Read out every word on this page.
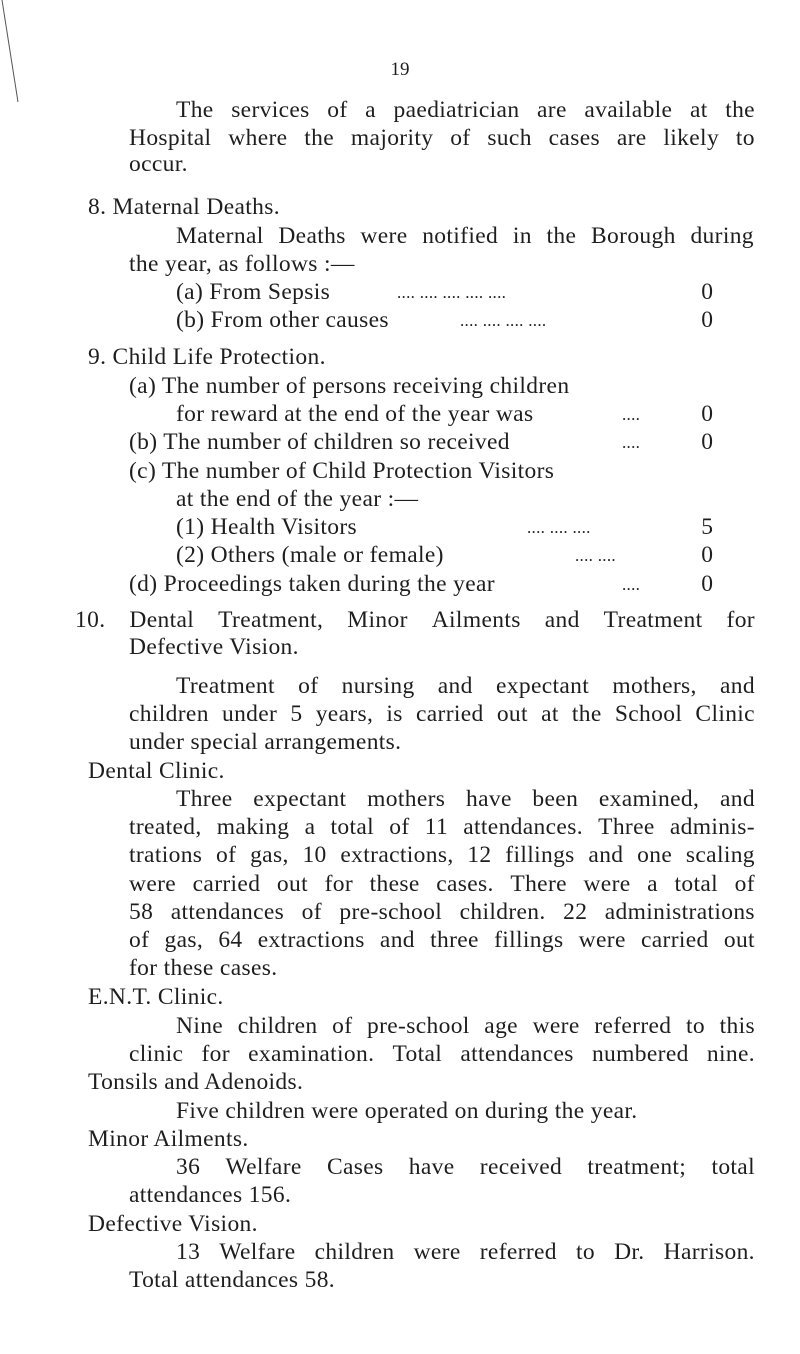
19
The services of a paediatrician are available at the
Hospital where the majority of such cases are likely to
occur.
8. Maternal Deaths.
Maternal Deaths were notified in the Borough during
the year, as follows :—
(a) From Sepsis	.... .... .... .... ....	0
(b) From other causes	.... .... .... ....	0
9. Child Life Protection.
(a) The number of persons receiving children
for reward at the end of the year was	....	0
(b) The number of children so received	....	0
(c) The number of Child Protection Visitors
at the end of the year :—
(1) Health Visitors	.... .... ....	5
(2) Others (male or female)	.... ....	0
(d) Proceedings taken during the year	....	0
10. Dental Treatment, Minor Ailments and Treatment for
Defective Vision.
Treatment of nursing and expectant mothers, and
children under 5 years, is carried out at the School Clinic
under special arrangements.
Dental Clinic.
Three expectant mothers have been examined, and
treated, making a total of 11 attendances. Three adminis-
trations of gas, 10 extractions, 12 fillings and one scaling
were carried out for these cases. There were a total of
58 attendances of pre-school children. 22 administrations
of gas, 64 extractions and three fillings were carried out
for these cases.
E.N.T. Clinic.
Nine children of pre-school age were referred to this
clinic for examination. Total attendances numbered nine.
Tonsils and Adenoids.
Five children were operated on during the year.
Minor Ailments.
36 Welfare Cases have received treatment; total
attendances 156.
Defective Vision.
13 Welfare children were referred to Dr. Harrison.
Total attendances 58.
